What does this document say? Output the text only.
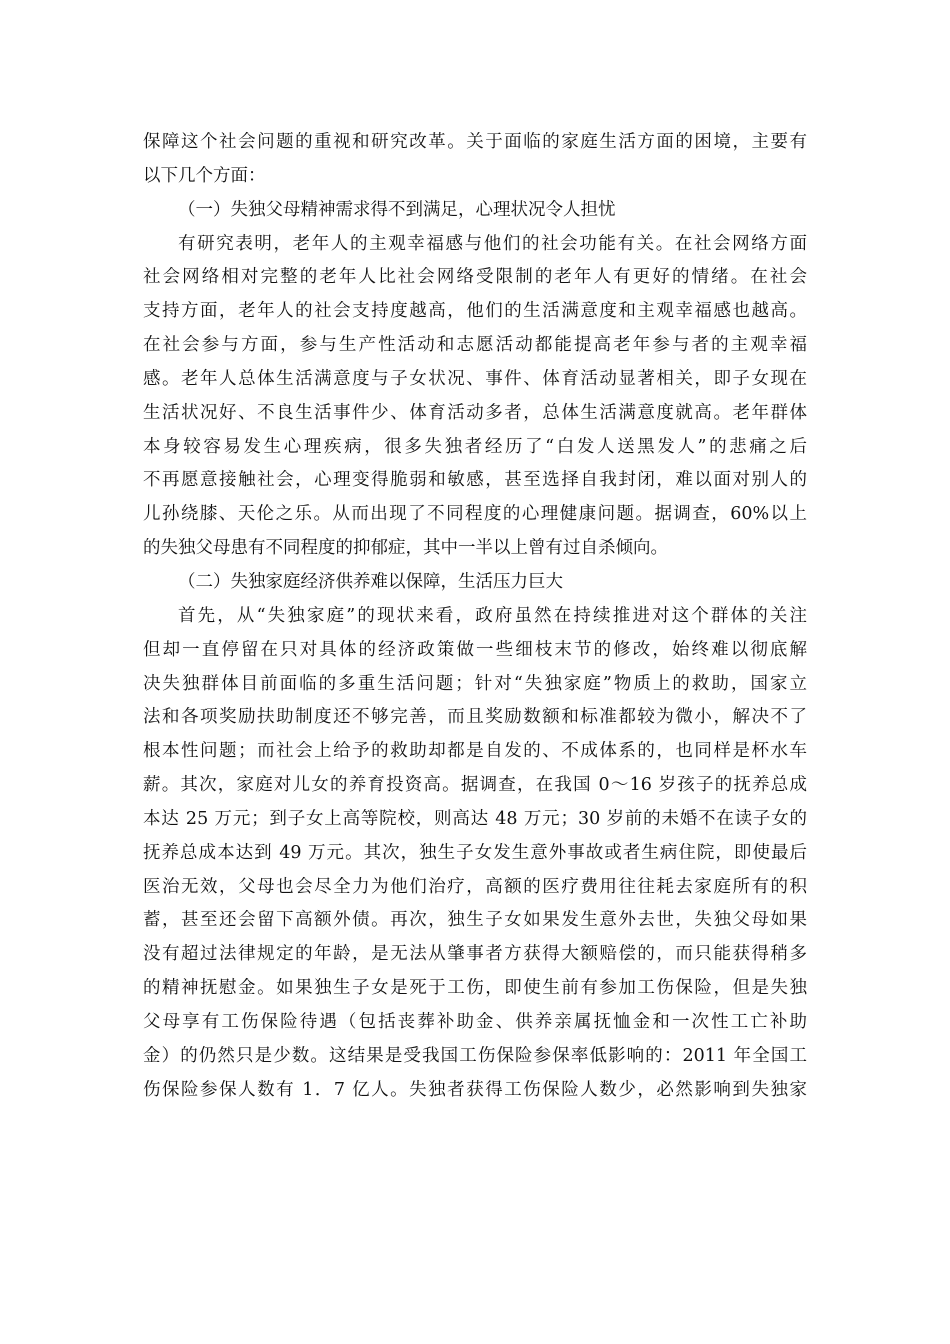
保障这个社会问题的重视和研究改革。关于面临的家庭生活方面的困境，主要有
以下几个方面：
（一）失独父母精神需求得不到满足，心理状况令人担忧
有研究表明，老年人的主观幸福感与他们的社会功能有关。在社会网络方面
社会网络相对完整的老年人比社会网络受限制的老年人有更好的情绪。在社会
支持方面，老年人的社会支持度越高，他们的生活满意度和主观幸福感也越高。
在社会参与方面，参与生产性活动和志愿活动都能提高老年参与者的主观幸福
感。老年人总体生活满意度与子女状况、事件、体育活动显著相关，即子女现在
生活状况好、不良生活事件少、体育活动多者，总体生活满意度就高。老年群体
本身较容易发生心理疾病，很多失独者经历了“白发人送黑发人”的悲痛之后
不再愿意接触社会，心理变得脆弱和敏感，甚至选择自我封闭，难以面对别人的
儿孙绕膝、天伦之乐。从而出现了不同程度的心理健康问题。据调查，60%以上
的失独父母患有不同程度的抑郁症，其中一半以上曾有过自杀倾向。
（二）失独家庭经济供养难以保障，生活压力巨大
首先，从“失独家庭”的现状来看，政府虽然在持续推进对这个群体的关注
但却一直停留在只对具体的经济政策做一些细枝末节的修改，始终难以彻底解
决失独群体目前面临的多重生活问题；针对“失独家庭”物质上的救助，国家立
法和各项奖励扶助制度还不够完善，而且奖励数额和标准都较为微小，解决不了
根本性问题；而社会上给予的救助却都是自发的、不成体系的，也同样是杯水车
薪。其次，家庭对儿女的养育投资高。据调查，在我国 0～16 岁孩子的抚养总成
本达 25 万元；到子女上高等院校，则高达 48 万元；30 岁前的未婚不在读子女的
抚养总成本达到 49 万元。其次，独生子女发生意外事故或者生病住院，即使最后
医治无效，父母也会尽全力为他们治疗，高额的医疗费用往往耗去家庭所有的积
蓄，甚至还会留下高额外债。再次，独生子女如果发生意外去世，失独父母如果
没有超过法律规定的年龄，是无法从肇事者方获得大额赔偿的，而只能获得稍多
的精神抚慰金。如果独生子女是死于工伤，即使生前有参加工伤保险，但是失独
父母享有工伤保险待遇（包括丧葬补助金、供养亲属抚恤金和一次性工亡补助
金）的仍然只是少数。这结果是受我国工伤保险参保率低影响的：2011 年全国工
伤保险参保人数有 1．7 亿人。失独者获得工伤保险人数少，必然影响到失独家
